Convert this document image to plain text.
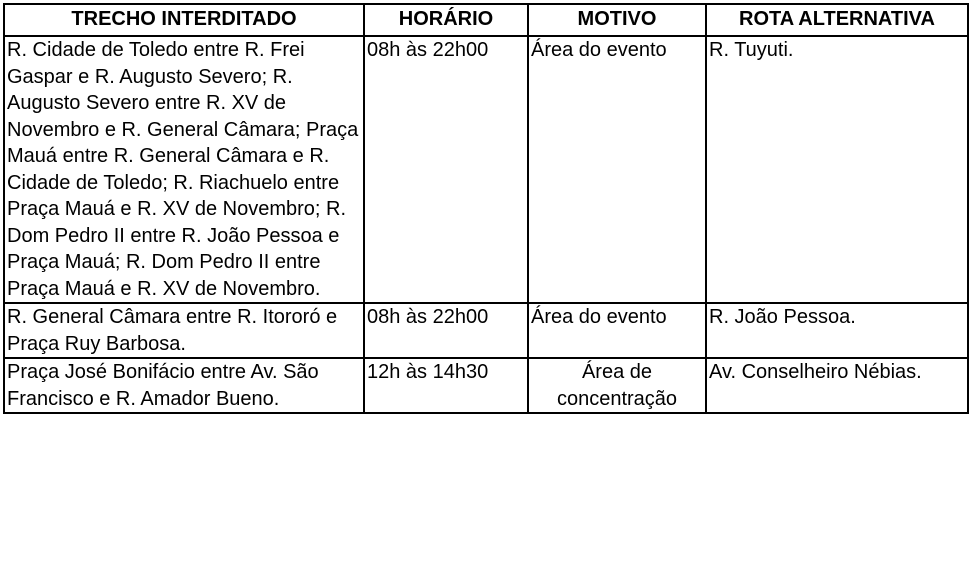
TRECHO INTERDITADO	HORÁRIO	MOTIVO	ROTA ALTERNATIVA
R. Cidade de Toledo entre R. Frei Gaspar e R. Augusto Severo; R. Augusto Severo entre R. XV de Novembro e R. General Câmara; Praça Mauá entre R. General Câmara e R. Cidade de Toledo; R. Riachuelo entre Praça Mauá e R. XV de Novembro; R. Dom Pedro II entre R. João Pessoa e Praça Mauá; R. Dom Pedro II entre Praça Mauá e R. XV de Novembro.	08h às 22h00	Área do evento	R. Tuyuti.
R. General Câmara entre R. Itororó e Praça Ruy Barbosa.	08h às 22h00	Área do evento	R. João Pessoa.
Praça José Bonifácio entre Av. São Francisco e R. Amador Bueno.	12h às 14h30	Área de concentração	Av. Conselheiro Nébias.
